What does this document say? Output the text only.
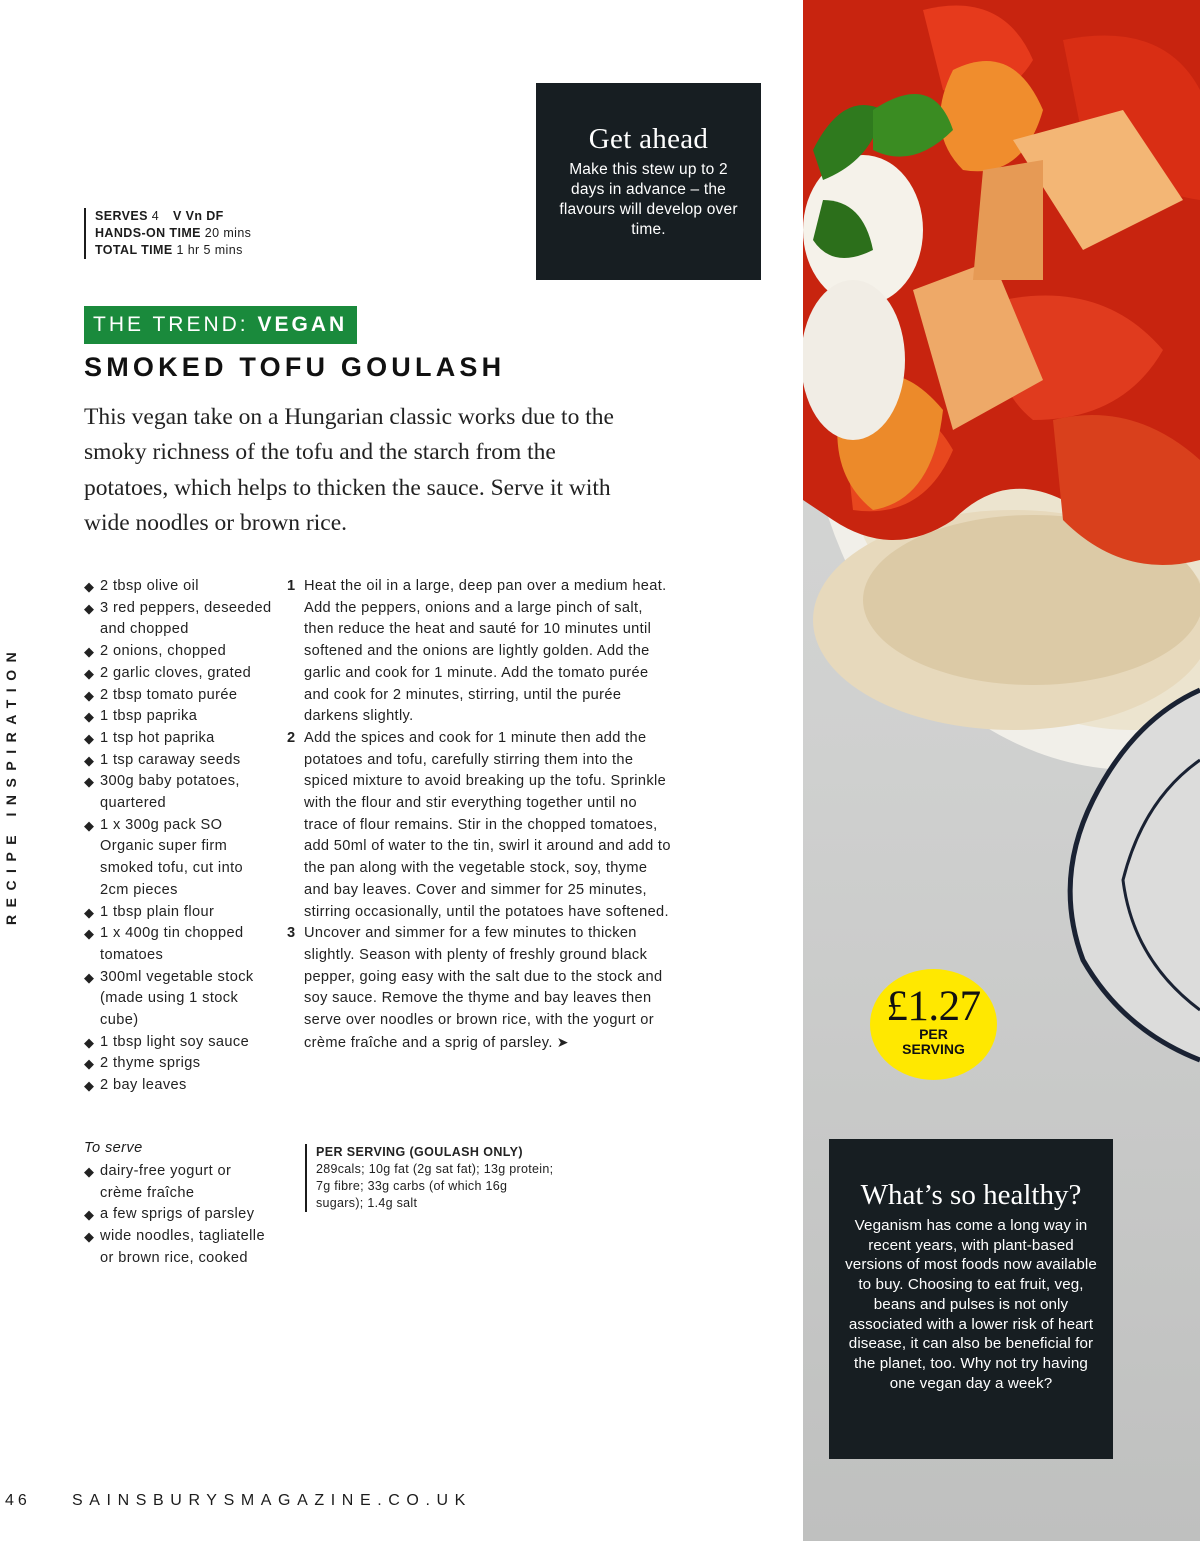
Get ahead

Make this stew up to 2 days in advance – the flavours will develop over time.

SERVES 4 V Vn DF
HANDS-ON TIME 20 mins
TOTAL TIME 1 hr 5 mins
THE TREND: VEGAN
SMOKED TOFU GOULASH

This vegan take on a Hungarian classic works due to the smoky richness of the tofu and the starch from the potatoes, which helps to thicken the sauce. Serve it with wide noodles or brown rice.

RECIPE INSPIRATION
◆ 2 tbsp olive oil
◆ 3 red peppers, deseeded and chopped
◆ 2 onions, chopped
◆ 2 garlic cloves, grated
◆ 2 tbsp tomato purée
◆ 1 tbsp paprika
◆ 1 tsp hot paprika
◆ 1 tsp caraway seeds
◆ 300g baby potatoes, quartered
◆ 1 x 300g pack SO Organic super firm smoked tofu, cut into 2cm pieces
◆ 1 tbsp plain flour
◆ 1 x 400g tin chopped tomatoes
◆ 300ml vegetable stock (made using 1 stock cube)
◆ 1 tbsp light soy sauce
◆ 2 thyme sprigs
◆ 2 bay leaves
To serve
◆ dairy-free yogurt or crème fraîche
◆ a few sprigs of parsley
◆ wide noodles, tagliatelle or brown rice, cooked
1 Heat the oil in a large, deep pan over a medium heat. Add the peppers, onions and a large pinch of salt, then reduce the heat and sauté for 10 minutes until softened and the onions are lightly golden. Add the garlic and cook for 1 minute. Add the tomato purée and cook for 2 minutes, stirring, until the purée darkens slightly.
2 Add the spices and cook for 1 minute then add the potatoes and tofu, carefully stirring them into the spiced mixture to avoid breaking up the tofu. Sprinkle with the flour and stir everything together until no trace of flour remains. Stir in the chopped tomatoes, add 50ml of water to the tin, swirl it around and add to the pan along with the vegetable stock, soy, thyme and bay leaves. Cover and simmer for 25 minutes, stirring occasionally, until the potatoes have softened.
3 Uncover and simmer for a few minutes to thicken slightly. Season with plenty of freshly ground black pepper, going easy with the salt due to the stock and soy sauce. Remove the thyme and bay leaves then serve over noodles or brown rice, with the yogurt or crème fraîche and a sprig of parsley. ➤
PER SERVING (GOULASH ONLY)
289cals; 10g fat (2g sat fat); 13g protein; 7g fibre; 33g carbs (of which 16g sugars); 1.4g salt
£1.27
PER
SERVING
What’s so healthy?

Veganism has come a long way in recent years, with plant-based versions of most foods now available to buy. Choosing to eat fruit, veg, beans and pulses is not only associated with a lower risk of heart disease, it can also be beneficial for the planet, too. Why not try having one vegan day a week?

46	SAINSBURYSMAGAZINE.CO.UK
